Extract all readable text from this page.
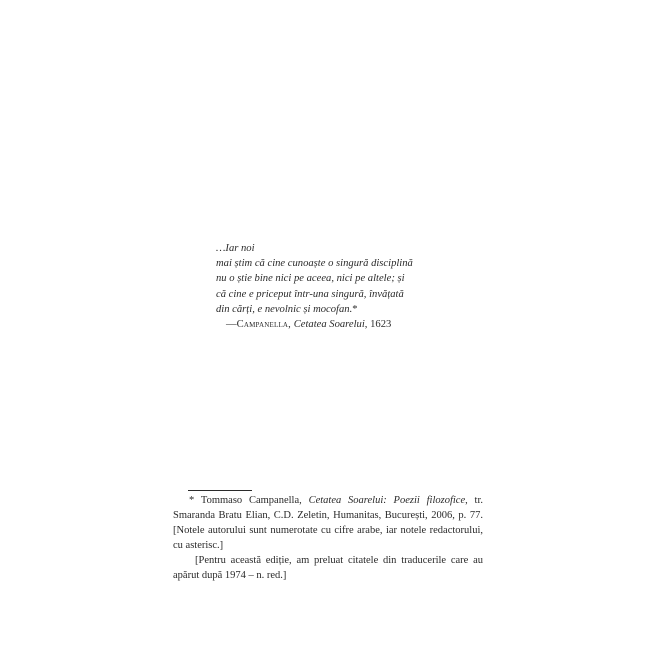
…Iar noi
mai știm că cine cunoaște o singură disciplină
nu o știe bine nici pe aceea, nici pe altele; și
că cine e priceput într-una singură, învățată
din cărți, e nevolnic și mocofan.*
—Campanella, Cetatea Soarelui, 1623

* Tommaso Campanella, Cetatea Soarelui: Poezii filozofice, tr. Smaranda Bratu Elian, C.D. Zeletin, Humanitas, București, 2006, p. 77. [Notele autorului sunt numerotate cu cifre arabe, iar notele redactorului, cu asterisc.]

[Pentru această ediție, am preluat citatele din traducerile care au apărut după 1974 – n. red.]
